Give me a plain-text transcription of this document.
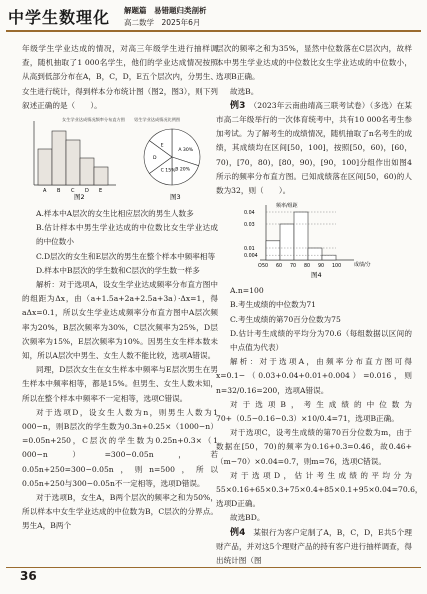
中学生数理化 解题篇　易错题归类剖析
高二数学　2025年6月

年级学生学业达成的情况，对高三年级学生进行抽样调查，随机抽取了1 000名学生，他们的学业达成情况按照从高到低部分布在A，B，C，D，E五个层次内，分男生、女生进行统计，得到样本分布统计图（图2，图3），则下列叙述正确的是（　　）。

A B C D E
女生学业达成情况频率分布直方图
A 30%
B 20%
C 15%
D
E
男生学业达成情况比例图
图2	图3

A.样本中A层次的女生比相应层次的男生人数多

B.估计样本中男生学业达成的中位数比女生学业达成的中位数小

C.D层次的女生和E层次的男生在整个样本中频率相等

D.样本中B层次的学生数和C层次的学生数一样多

解析：对于选项A，设女生学业达成频率分布直方图中的组距为Δx，由（a+1.5a+2a+2.5a+3a）·Δx=1，得aΔx=0.1，所以女生学业达成频率分布直方图中A层次频率为20%，B层次频率为30%，C层次频率为25%，D层次频率为15%，E层次频率为10%。因男生女生样本数未知，所以A层次中男生、女生人数不能比较，选项A错误。

同理，D层次女生在女生样本中频率与E层次男生在男生样本中频率相等，都是15%。但男生、女生人数未知，所以在整个样本中频率不一定相等，选项C错误。

对于选项D，设女生人数为n，则男生人数为1 000−n，则B层次的学生数为0.3n+0.25×（1000−n）=0.05n+250，C层次的学生数为0.25n+0.3×（1 000−n）=300−0.05n，若0.05n+250=300−0.05n，则n=500，所以0.05n+250与300−0.05n不一定相等，选项D错误。

对于选项B，女生A，B两个层次的频率之和为50%，所以样本中女生学业达成的中位数为B，C层次的分界点。男生A，B两个

层次的频率之和为35%，显然中位数落在C层次内，故样本中男生学业达成的中位数比女生学业达成的中位数小，选项B正确。

故选B。

例3　 （2023年云南曲靖高三联考试卷）（多选）在某市高二年级举行的一次体育统考中，共有10 000名考生参加考试。为了解考生的成绩情况，随机抽取了n名考生的成绩，其成绩均在区间[50，100]，按照[50，60)，[60，70)，[70，80)，[80，90)，[90，100]分组作出如图4所示的频率分布直方图。已知成绩落在区间[50，60)的人数为32，则（　　）。

频率/组距
成绩/分
图4
50 60 70 80 90 100
O
0.04
0.03
0.01
0.004

A.n=100

B.考生成绩的中位数为71

C.考生成绩的第70百分位数为75

D.估计考生成绩的平均分为70.6（每组数据以区间的中点值为代表）

解析：对于选项A，由频率分布直方图可得x=0.1−（0.03+0.04+0.01+0.004）=0.016，则n=32/0.16=200，选项A错误。

对于选项B，考生成绩的中位数为70+（0.5−0.16−0.3）×10/0.4=71，选项B正确。

对于选项C，设考生成绩的第70百分位数为m，由于数据在[50，70)的频率为0.16+0.3=0.46，故0.46+（m−70）×0.04=0.7，则m=76，选项C错误。

对于选项D，估计考生成绩的平均分为55×0.16+65×0.3+75×0.4+85×0.1+95×0.04=70.6，选项D正确。

故选BD。

例4　 某银行为客户定制了A，B，C，D，E共5个理财产品，并对这5个理财产品的持有客户进行抽样调查，得出统计图（图

36
